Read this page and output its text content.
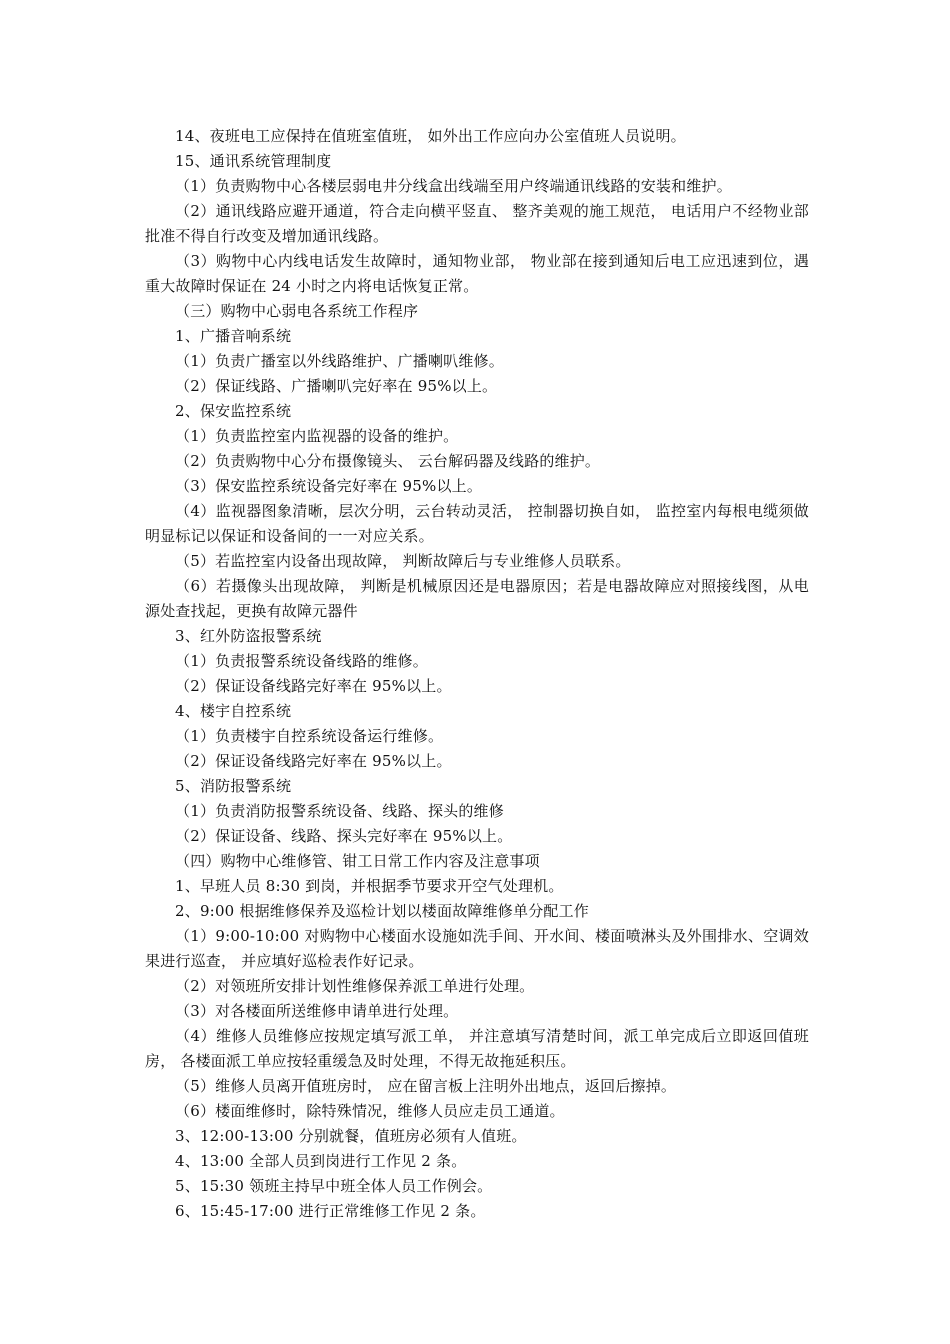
14、夜班电工应保持在值班室值班， 如外出工作应向办公室值班人员说明。

15、通讯系统管理制度

（1）负责购物中心各楼层弱电井分线盒出线端至用户终端通讯线路的安装和维护。

（2）通讯线路应避开通道，符合走向横平竖直、 整齐美观的施工规范， 电话用户不经物业部批准不得自行改变及增加通讯线路。

（3）购物中心内线电话发生故障时，通知物业部， 物业部在接到通知后电工应迅速到位，遇重大故障时保证在 24 小时之内将电话恢复正常。

（三）购物中心弱电各系统工作程序

1、广播音响系统

（1）负责广播室以外线路维护、广播喇叭维修。

（2）保证线路、广播喇叭完好率在 95%以上。

2、保安监控系统

（1）负责监控室内监视器的设备的维护。

（2）负责购物中心分布摄像镜头、 云台解码器及线路的维护。

（3）保安监控系统设备完好率在 95%以上。

（4）监视器图象清晰，层次分明，云台转动灵活， 控制器切换自如， 监控室内每根电缆须做明显标记以保证和设备间的一一对应关系。

（5）若监控室内设备出现故障， 判断故障后与专业维修人员联系。

（6）若摄像头出现故障， 判断是机械原因还是电器原因；若是电器故障应对照接线图，从电源处查找起，更换有故障元器件

3、红外防盗报警系统

（1）负责报警系统设备线路的维修。

（2）保证设备线路完好率在 95%以上。

4、楼宇自控系统

（1）负责楼宇自控系统设备运行维修。

（2）保证设备线路完好率在 95%以上。

5、消防报警系统

（1）负责消防报警系统设备、线路、探头的维修

（2）保证设备、线路、探头完好率在 95%以上。

（四）购物中心维修管、钳工日常工作内容及注意事项

1、早班人员 8:30 到岗，并根据季节要求开空气处理机。

2、9:00 根据维修保养及巡检计划以楼面故障维修单分配工作

（1）9:00-10:00 对购物中心楼面水设施如洗手间、开水间、楼面喷淋头及外围排水、空调效果进行巡查， 并应填好巡检表作好记录。

（2）对领班所安排计划性维修保养派工单进行处理。

（3）对各楼面所送维修申请单进行处理。

（4）维修人员维修应按规定填写派工单， 并注意填写清楚时间，派工单完成后立即返回值班房， 各楼面派工单应按轻重缓急及时处理，不得无故拖延积压。

（5）维修人员离开值班房时， 应在留言板上注明外出地点，返回后擦掉。

（6）楼面维修时，除特殊情况，维修人员应走员工通道。

3、12:00-13:00 分别就餐，值班房必须有人值班。

4、13:00 全部人员到岗进行工作见 2 条。

5、15:30 领班主持早中班全体人员工作例会。

6、15:45-17:00 进行正常维修工作见 2 条。
